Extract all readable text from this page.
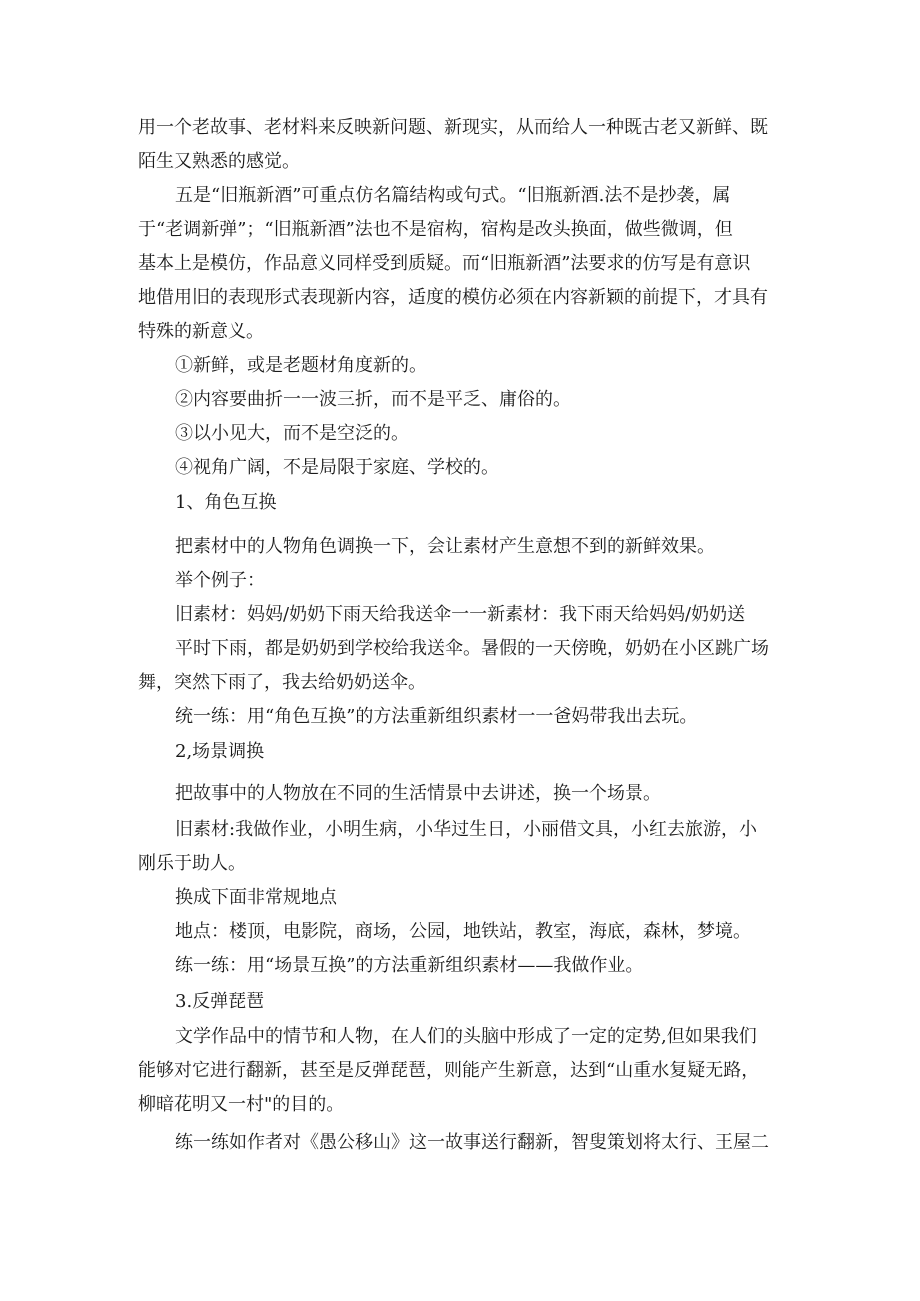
用一个老故事、老材料来反映新问题、新现实，从而给人一种既古老又新鲜、既
陌生又熟悉的感觉。
五是“旧瓶新酒”可重点仿名篇结构或句式。“旧瓶新酒.法不是抄袭，属
于“老调新弹”；“旧瓶新酒”法也不是宿构，宿构是改头换面，做些微调，但
基本上是模仿，作品意义同样受到质疑。而“旧瓶新酒”法要求的仿写是有意识
地借用旧的表现形式表现新内容，适度的模仿必须在内容新颖的前提下，才具有
特殊的新意义。
①新鲜，或是老题材角度新的。
②内容要曲折一一波三折，而不是平乏、庸俗的。
③以小见大，而不是空泛的。
④视角广阔，不是局限于家庭、学校的。
1、角色互换
把素材中的人物角色调换一下，会让素材产生意想不到的新鲜效果。
举个例子：
旧素材：妈妈/奶奶下雨天给我送伞一一新素材：我下雨天给妈妈/奶奶送
平时下雨，都是奶奶到学校给我送伞。暑假的一天傍晚，奶奶在小区跳广场
舞，突然下雨了，我去给奶奶送伞。
统一练：用“角色互换”的方法重新组织素材一一爸妈带我出去玩。
2,场景调换
把故事中的人物放在不同的生活情景中去讲述，换一个场景。
旧素材:我做作业，小明生病，小华过生日，小丽借文具，小红去旅游，小
刚乐于助人。
换成下面非常规地点
地点：楼顶，电影院，商场，公园，地铁站，教室，海底，森林，梦境。
练一练：用“场景互换”的方法重新组织素材——我做作业。
3.反弹琵琶
文学作品中的情节和人物，在人们的头脑中形成了一定的定势,但如果我们
能够对它进行翻新，甚至是反弹琵琶，则能产生新意，达到“山重水复疑无路，
柳暗花明又一村"的目的。
练一练如作者对《愚公移山》这一故事送行翻新，智叟策划将太行、王屋二
